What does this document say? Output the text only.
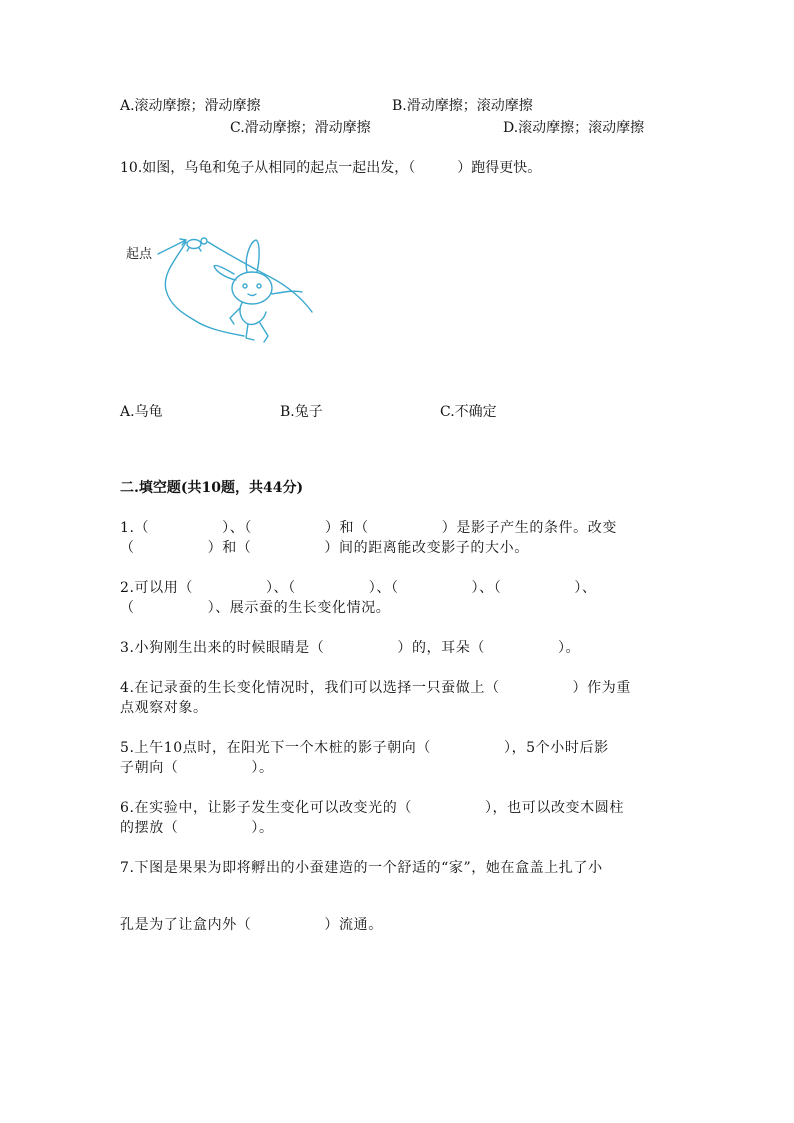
A.滚动摩擦；滑动摩擦	B.滑动摩擦；滚动摩擦
C.滑动摩擦；滑动摩擦	D.滚动摩擦；滚动摩擦
10.如图，乌龟和兔子从相同的起点一起出发，（　　　）跑得更快。
起点
A.乌龟	B.兔子	C.不确定
二.填空题(共10题，共44分)
1.（　　　　　）、（　　　　　）和（　　　　　）是影子产生的条件。改变
（　　　　　）和（　　　　　）间的距离能改变影子的大小。
2.可以用（　　　　　）、（　　　　　）、（　　　　　）、（　　　　　）、
（　　　　　）、展示蚕的生长变化情况。
3.小狗刚生出来的时候眼睛是（　　　　　）的，耳朵（　　　　　）。
4.在记录蚕的生长变化情况时，我们可以选择一只蚕做上（　　　　　）作为重
点观察对象。
5.上午10点时，在阳光下一个木桩的影子朝向（　　　　　），5个小时后影
子朝向（　　　　　）。
6.在实验中，让影子发生变化可以改变光的（　　　　　），也可以改变木圆柱
的摆放（　　　　　）。
7.下图是果果为即将孵出的小蚕建造的一个舒适的“家”，她在盒盖上扎了小
孔是为了让盒内外（　　　　　）流通。
